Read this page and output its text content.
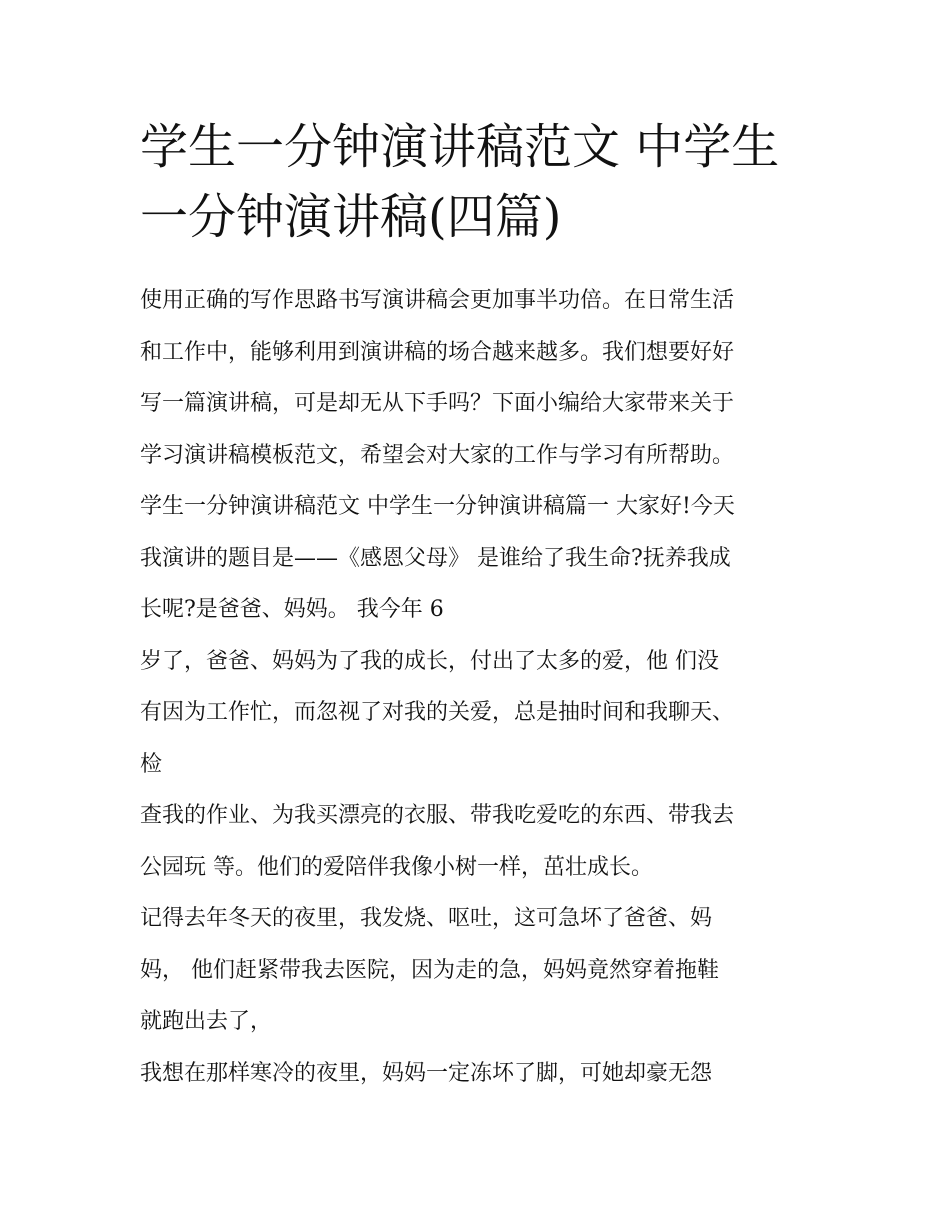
学生一分钟演讲稿范文 中学生
一分钟演讲稿(四篇)
使用正确的写作思路书写演讲稿会更加事半功倍。在日常生活
和工作中，能够利用到演讲稿的场合越来越多。我们想要好好
写一篇演讲稿，可是却无从下手吗？下面小编给大家带来关于
学习演讲稿模板范文，希望会对大家的工作与学习有所帮助。
学生一分钟演讲稿范文 中学生一分钟演讲稿篇一 大家好!今天
我演讲的题目是——《感恩父母》 是谁给了我生命?抚养我成
长呢?是爸爸、妈妈。 我今年 6
岁了，爸爸、妈妈为了我的成长，付出了太多的爱，他 们没
有因为工作忙，而忽视了对我的关爱，总是抽时间和我聊天、
检
查我的作业、为我买漂亮的衣服、带我吃爱吃的东西、带我去
公园玩 等。他们的爱陪伴我像小树一样，茁壮成长。
记得去年冬天的夜里，我发烧、呕吐，这可急坏了爸爸、妈
妈， 他们赶紧带我去医院，因为走的急，妈妈竟然穿着拖鞋
就跑出去了，
我想在那样寒冷的夜里，妈妈一定冻坏了脚，可她却豪无怨
